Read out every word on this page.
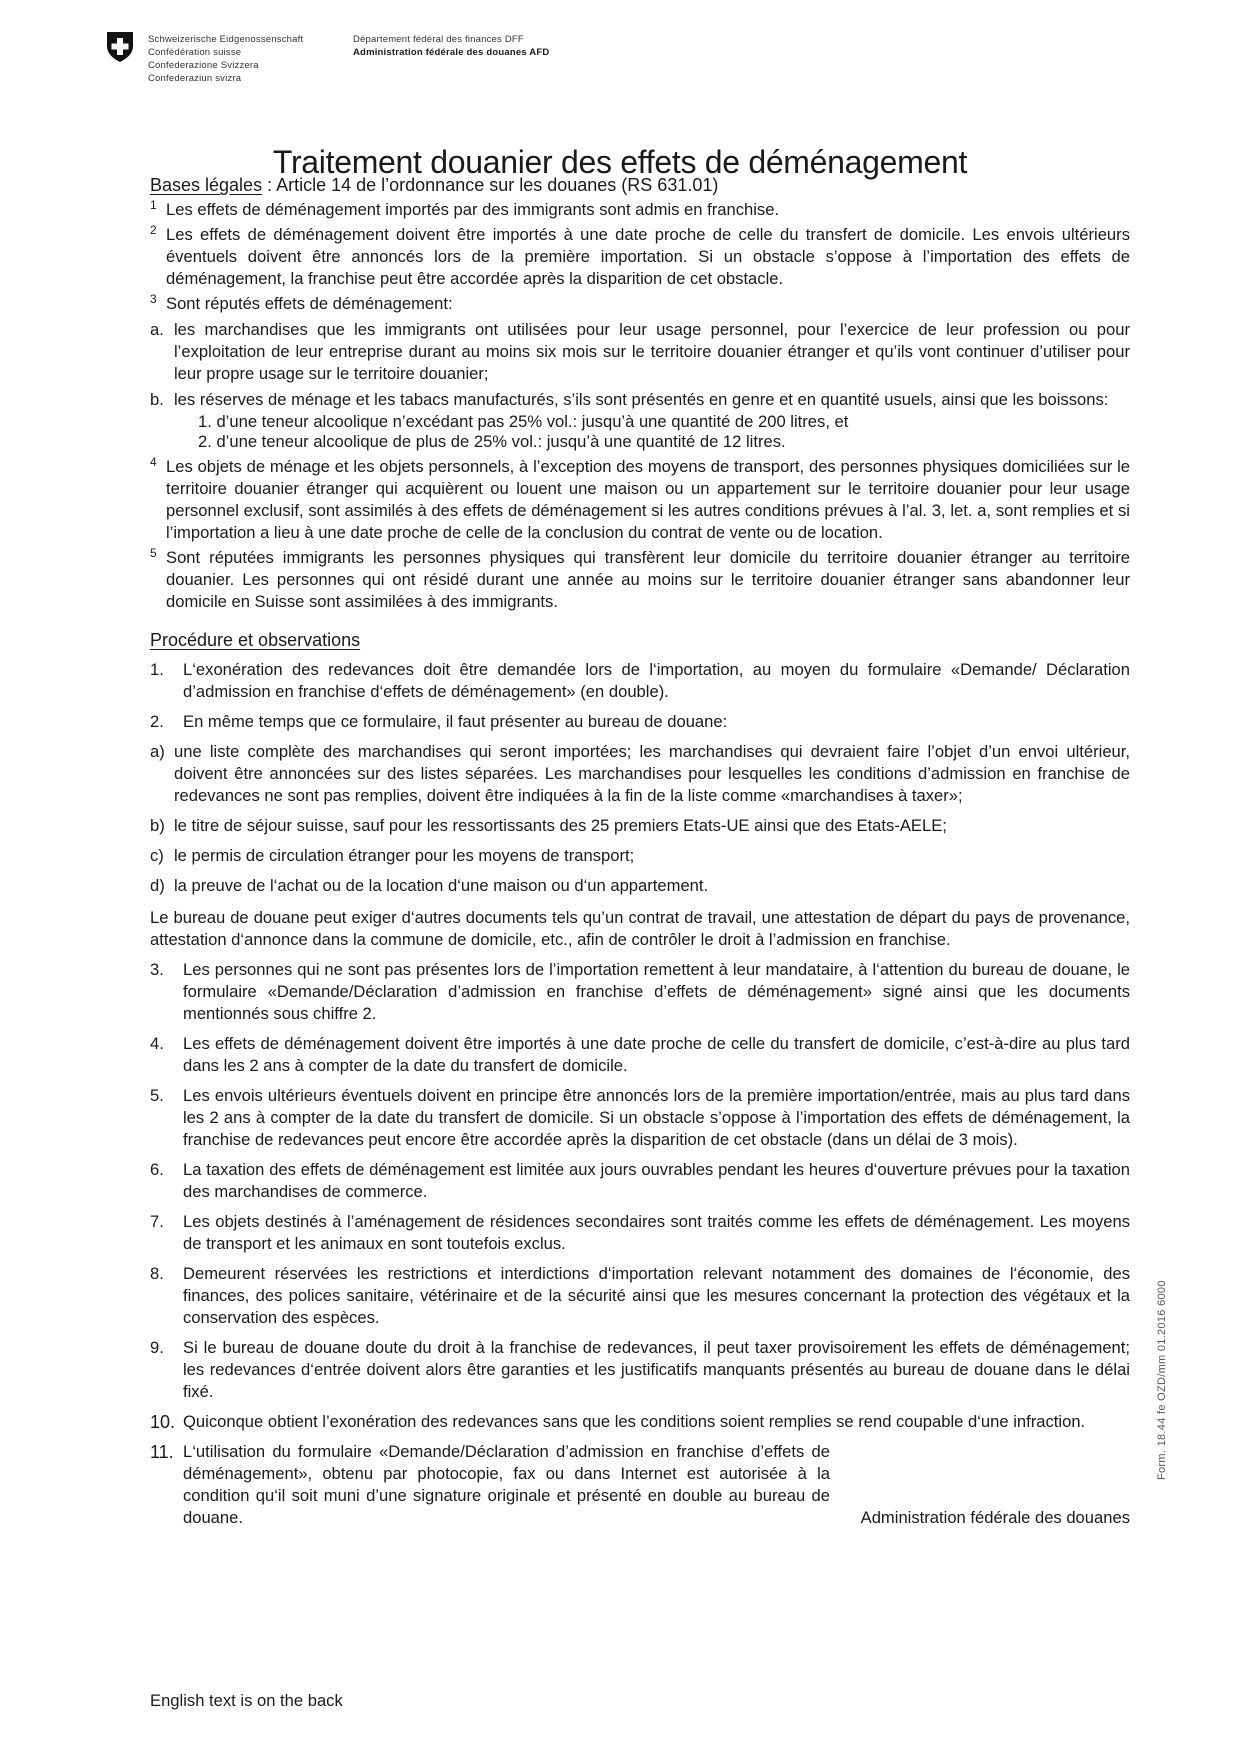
Schweizerische Eidgenossenschaft
Confédération suisse
Confederazione Svizzera
Confederaziun svizra
Département fédéral des finances DFF
Administration fédérale des douanes AFD
Traitement douanier des effets de déménagement

Bases légales : Article 14 de l’ordonnance sur les douanes (RS 631.01)

1 Les effets de déménagement importés par des immigrants sont admis en franchise.

2 Les effets de déménagement doivent être importés à une date proche de celle du transfert de domicile. Les envois ultérieurs éventuels doivent être annoncés lors de la première importation. Si un obstacle s’oppose à l’importation des effets de déménagement, la franchise peut être accordée après la disparition de cet obstacle.

3 Sont réputés effets de déménagement:

a. les marchandises que les immigrants ont utilisées pour leur usage personnel, pour l’exercice de leur profession ou pour l’exploitation de leur entreprise durant au moins six mois sur le territoire douanier étranger et qu’ils vont continuer d’utiliser pour leur propre usage sur le territoire douanier;

b. les réserves de ménage et les tabacs manufacturés, s’ils sont présentés en genre et en quantité usuels, ainsi que les boissons:
1. d’une teneur alcoolique n’excédant pas 25% vol.: jusqu’à une quantité de 200 litres, et
2. d’une teneur alcoolique de plus de 25% vol.: jusqu’à une quantité de 12 litres.

4 Les objets de ménage et les objets personnels, à l’exception des moyens de transport, des personnes physiques domiciliées sur le territoire douanier étranger qui acquièrent ou louent une maison ou un appartement sur le territoire douanier pour leur usage personnel exclusif, sont assimilés à des effets de déménagement si les autres conditions prévues à l’al. 3, let. a, sont remplies et si l’importation a lieu à une date proche de celle de la conclusion du contrat de vente ou de location.

5 Sont réputées immigrants les personnes physiques qui transfèrent leur domicile du territoire douanier étranger au territoire douanier. Les personnes qui ont résidé durant une année au moins sur le territoire douanier étranger sans abandonner leur domicile en Suisse sont assimilées à des immigrants.

Procédure et observations

1. L‘exonération des redevances doit être demandée lors de l‘importation, au moyen du formulaire «Demande/ Déclaration d’admission en franchise d‘effets de déménagement» (en double).

2. En même temps que ce formulaire, il faut présenter au bureau de douane:

a) une liste complète des marchandises qui seront importées; les marchandises qui devraient faire l’objet d’un envoi ultérieur, doivent être annoncées sur des listes séparées. Les marchandises pour lesquelles les conditions d’admission en franchise de redevances ne sont pas remplies, doivent être indiquées à la fin de la liste comme «marchandises à taxer»;

b) le titre de séjour suisse, sauf pour les ressortissants des 25 premiers Etats-UE ainsi que des Etats-AELE;

c) le permis de circulation étranger pour les moyens de transport;

d) la preuve de l‘achat ou de la location d‘une maison ou d‘un appartement.

Le bureau de douane peut exiger d‘autres documents tels qu’un contrat de travail, une attestation de départ du pays de provenance, attestation d‘annonce dans la commune de domicile, etc., afin de contrôler le droit à l’admission en franchise.

3. Les personnes qui ne sont pas présentes lors de l’importation remettent à leur mandataire, à l‘attention du bureau de douane, le formulaire «Demande/Déclaration d’admission en franchise d’effets de déménagement» signé ainsi que les documents mentionnés sous chiffre 2.

4. Les effets de déménagement doivent être importés à une date proche de celle du transfert de domicile, c’est-à-dire au plus tard dans les 2 ans à compter de la date du transfert de domicile.

5. Les envois ultérieurs éventuels doivent en principe être annoncés lors de la première importation/entrée, mais au plus tard dans les 2 ans à compter de la date du transfert de domicile. Si un obstacle s’oppose à l’importation des effets de déménagement, la franchise de redevances peut encore être accordée après la disparition de cet obstacle (dans un délai de 3 mois).

6. La taxation des effets de déménagement est limitée aux jours ouvrables pendant les heures d‘ouverture prévues pour la taxation des marchandises de commerce.

7. Les objets destinés à l’aménagement de résidences secondaires sont traités comme les effets de déménagement. Les moyens de transport et les animaux en sont toutefois exclus.

8. Demeurent réservées les restrictions et interdictions d‘importation relevant notamment des domaines de l‘économie, des finances, des polices sanitaire, vétérinaire et de la sécurité ainsi que les mesures concernant la protection des végétaux et la conservation des espèces.

9. Si le bureau de douane doute du droit à la franchise de redevances, il peut taxer provisoirement les effets de déménagement; les redevances d‘entrée doivent alors être garanties et les justificatifs manquants présentés au bureau de douane dans le délai fixé.

10. Quiconque obtient l’exonération des redevances sans que les conditions soient remplies se rend coupable d‘une infraction.

11. L‘utilisation du formulaire «Demande/Déclaration d’admission en franchise d’effets de déménagement», obtenu par photocopie, fax ou dans Internet est autorisée à la condition qu‘il soit muni d’une signature originale et présenté en double au bureau de douane.	Administration fédérale des douanes
English text is on the back
Form. 18.44 fe OZD/mm 01.2016 6000
